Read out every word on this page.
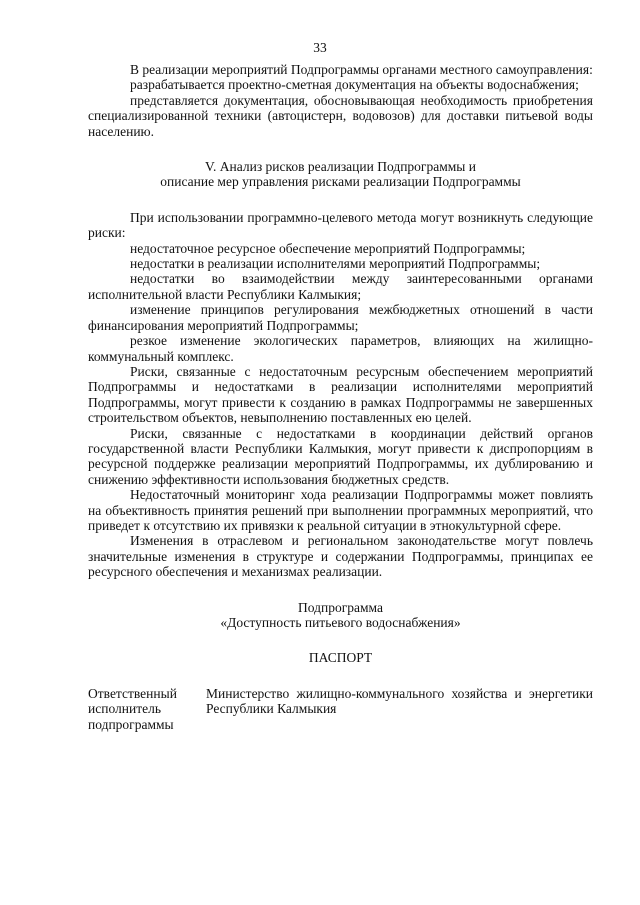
33

В реализации мероприятий Подпрограммы органами местного самоуправления:

разрабатывается проектно-сметная документация на объекты водоснабжения;

представляется документация, обосновывающая необходимость приобретения специализированной техники (автоцистерн, водовозов) для доставки питьевой воды населению.

V. Анализ рисков реализации Подпрограммы и

описание мер управления рисками реализации Подпрограммы

При использовании программно-целевого метода могут возникнуть следующие риски:

недостаточное ресурсное обеспечение мероприятий Подпрограммы;

недостатки в реализации исполнителями мероприятий Подпрограммы;

недостатки во взаимодействии между заинтересованными органами исполнительной власти Республики Калмыкия;

изменение принципов регулирования межбюджетных отношений в части финансирования мероприятий Подпрограммы;

резкое изменение экологических параметров, влияющих на жилищно-коммунальный комплекс.

Риски, связанные с недостаточным ресурсным обеспечением мероприятий Подпрограммы и недостатками в реализации исполнителями мероприятий Подпрограммы, могут привести к созданию в рамках Подпрограммы не завершенных строительством объектов, невыполнению поставленных ею целей.

Риски, связанные с недостатками в координации действий органов государственной власти Республики Калмыкия, могут привести к диспропорциям в ресурсной поддержке реализации мероприятий Подпрограммы, их дублированию и снижению эффективности использования бюджетных средств.

Недостаточный мониторинг хода реализации Подпрограммы может повлиять на объективность принятия решений при выполнении программных мероприятий, что приведет к отсутствию их привязки к реальной ситуации в этнокультурной сфере.

Изменения в отраслевом и региональном законодательстве могут повлечь значительные изменения в структуре и содержании Подпрограммы, принципах ее ресурсного обеспечения и механизмах реализации.

Подпрограмма

«Доступность питьевого водоснабжения»

ПАСПОРТ

Ответственный исполнитель подпрограммы
Министерство жилищно-коммунального хозяйства и энергетики Республики Калмыкия
